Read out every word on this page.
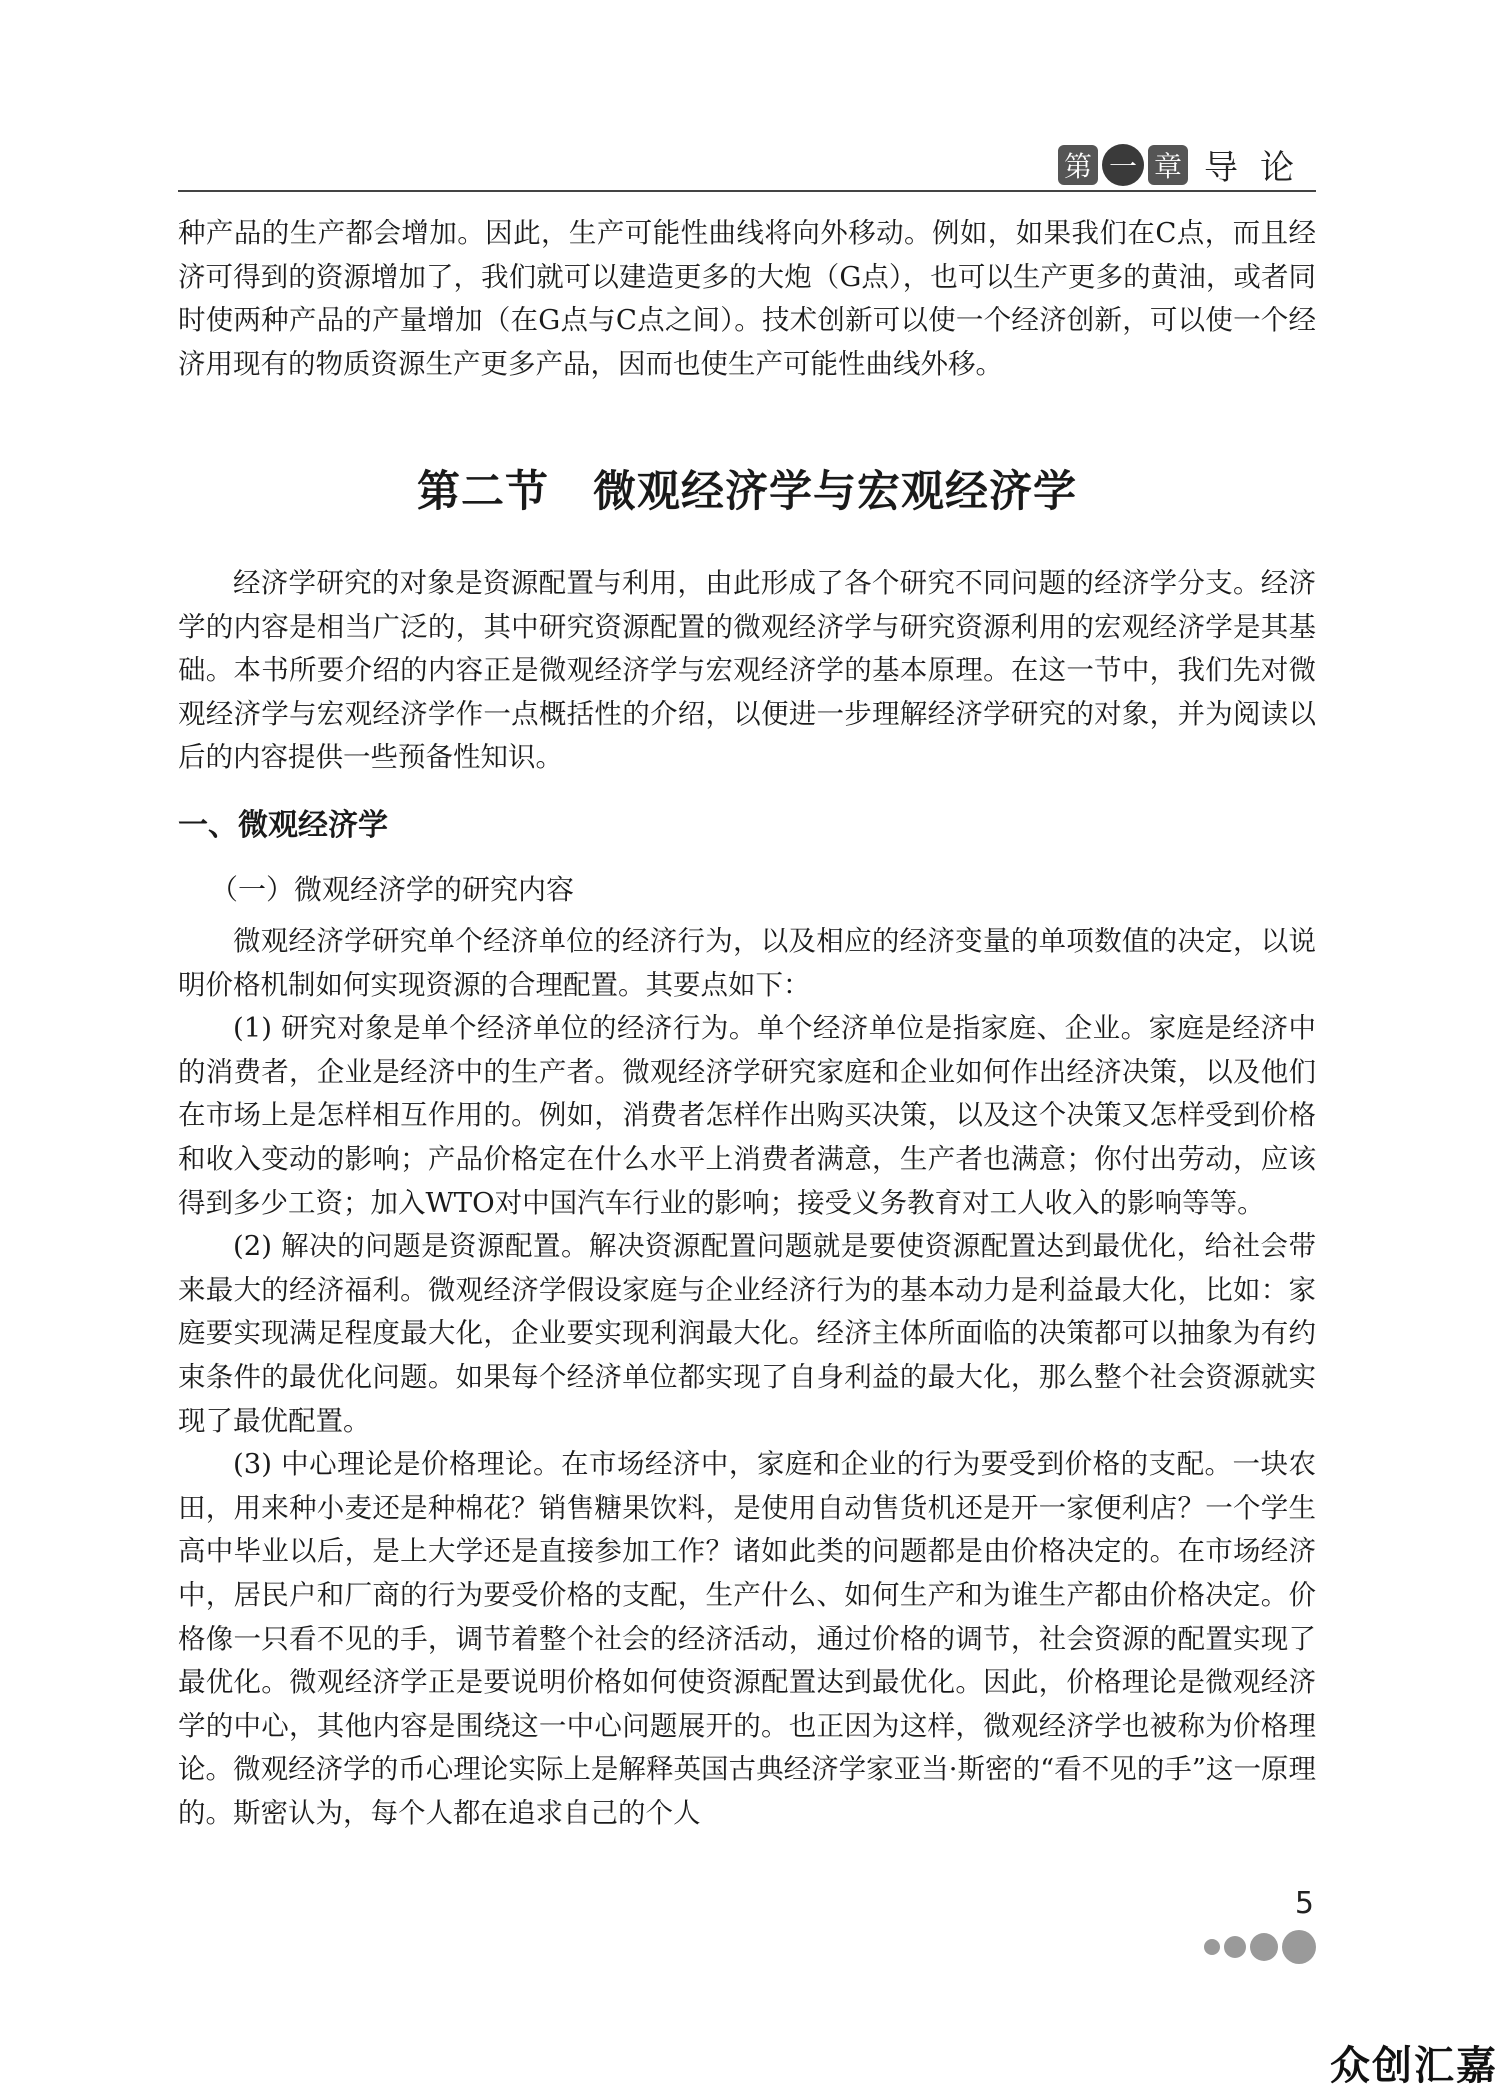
第 一 章 导论

种产品的生产都会增加。因此，生产可能性曲线将向外移动。例如，如果我们在C点，而且经济可得到的资源增加了，我们就可以建造更多的大炮（G点），也可以生产更多的黄油，或者同时使两种产品的产量增加（在G点与C点之间）。技术创新可以使一个经济创新，可以使一个经济用现有的物质资源生产更多产品，因而也使生产可能性曲线外移。

第二节　微观经济学与宏观经济学

经济学研究的对象是资源配置与利用，由此形成了各个研究不同问题的经济学分支。经济学的内容是相当广泛的，其中研究资源配置的微观经济学与研究资源利用的宏观经济学是其基础。本书所要介绍的内容正是微观经济学与宏观经济学的基本原理。在这一节中，我们先对微观经济学与宏观经济学作一点概括性的介绍，以便进一步理解经济学研究的对象，并为阅读以后的内容提供一些预备性知识。

一、微观经济学
（一）微观经济学的研究内容

微观经济学研究单个经济单位的经济行为，以及相应的经济变量的单项数值的决定，以说明价格机制如何实现资源的合理配置。其要点如下：

(1) 研究对象是单个经济单位的经济行为。单个经济单位是指家庭、企业。家庭是经济中的消费者，企业是经济中的生产者。微观经济学研究家庭和企业如何作出经济决策，以及他们在市场上是怎样相互作用的。例如，消费者怎样作出购买决策，以及这个决策又怎样受到价格和收入变动的影响；产品价格定在什么水平上消费者满意，生产者也满意；你付出劳动，应该得到多少工资；加入WTO对中国汽车行业的影响；接受义务教育对工人收入的影响等等。

(2) 解决的问题是资源配置。解决资源配置问题就是要使资源配置达到最优化，给社会带来最大的经济福利。微观经济学假设家庭与企业经济行为的基本动力是利益最大化，比如：家庭要实现满足程度最大化，企业要实现利润最大化。经济主体所面临的决策都可以抽象为有约束条件的最优化问题。如果每个经济单位都实现了自身利益的最大化，那么整个社会资源就实现了最优配置。

(3) 中心理论是价格理论。在市场经济中，家庭和企业的行为要受到价格的支配。一块农田，用来种小麦还是种棉花？销售糖果饮料，是使用自动售货机还是开一家便利店？一个学生高中毕业以后，是上大学还是直接参加工作？诸如此类的问题都是由价格决定的。在市场经济中，居民户和厂商的行为要受价格的支配，生产什么、如何生产和为谁生产都由价格决定。价格像一只看不见的手，调节着整个社会的经济活动，通过价格的调节，社会资源的配置实现了最优化。微观经济学正是要说明价格如何使资源配置达到最优化。因此，价格理论是微观经济学的中心，其他内容是围绕这一中心问题展开的。也正因为这样，微观经济学也被称为价格理论。微观经济学的币心理论实际上是解释英国古典经济学家亚当·斯密的“看不见的手”这一原理的。斯密认为，每个人都在追求自己的个人

5
众创汇嘉
